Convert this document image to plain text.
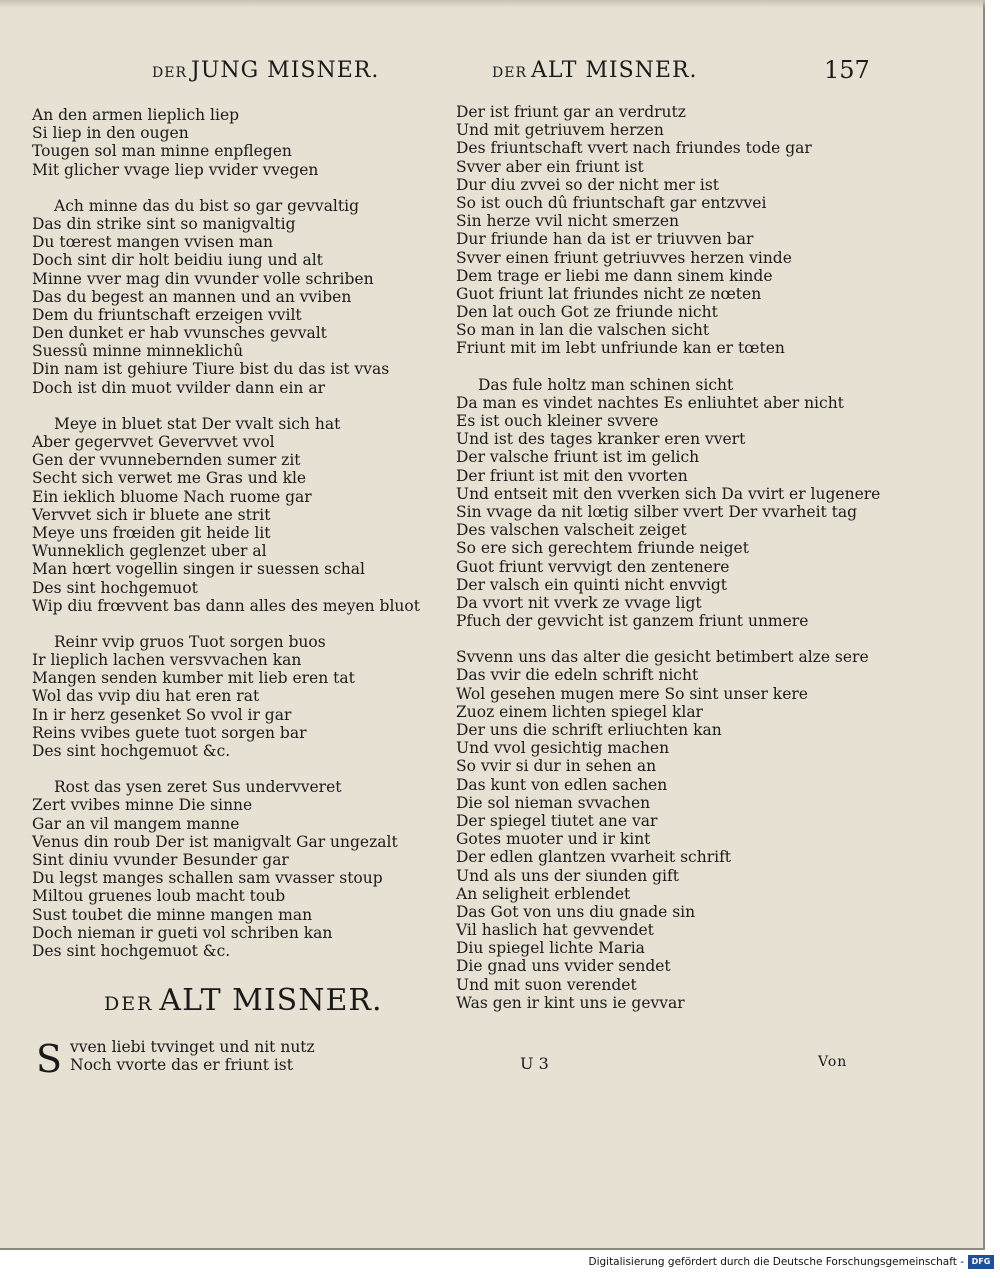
DER JUNG MISNER.	DER ALT MISNER.	157
An den armen lieplich liep
Si liep in den ougen
Tougen sol man minne enpflegen
Mit glicher vvage liep vvider vvegen
Ach minne das du bist so gar gevvaltig
Das din strike sint so manigvaltig
Du tœrest mangen vvisen man
Doch sint dir holt beidiu iung und alt
Minne vver mag din vvunder volle schriben
Das du begest an mannen und an vviben
Dem du friuntschaft erzeigen vvilt
Den dunket er hab vvunsches gevvalt
Suessû minne minneklichû
Din nam ist gehiure Tiure bist du das ist vvas
Doch ist din muot vvilder dann ein ar
Meye in bluet stat Der vvalt sich hat
Aber gegervvet Gevervvet vvol
Gen der vvunnebernden sumer zit
Secht sich verwet me Gras und kle
Ein ieklich bluome Nach ruome gar
Vervvet sich ir bluete ane strit
Meye uns frœiden git heide lit
Wunneklich geglenzet uber al
Man hœrt vogellin singen ir suessen schal
Des sint hochgemuot
Wip diu frœvvent bas dann alles des meyen bluot
Reinr vvip gruos Tuot sorgen buos
Ir lieplich lachen versvvachen kan
Mangen senden kumber mit lieb eren tat
Wol das vvip diu hat eren rat
In ir herz gesenket So vvol ir gar
Reins vvibes guete tuot sorgen bar
Des sint hochgemuot &c.
Rost das ysen zeret Sus undervveret
Zert vvibes minne Die sinne
Gar an vil mangem manne
Venus din roub Der ist manigvalt Gar ungezalt
Sint diniu vvunder Besunder gar
Du legst manges schallen sam vvasser stoup
Miltou gruenes loub macht toub
Sust toubet die minne mangen man
Doch nieman ir gueti vol schriben kan
Des sint hochgemuot &c.
Der ist friunt gar an verdrutz
Und mit getriuvem herzen
Des friuntschaft vvert nach friundes tode gar
Svver aber ein friunt ist
Dur diu zvvei so der nicht mer ist
So ist ouch dû friuntschaft gar entzvvei
Sin herze vvil nicht smerzen
Dur friunde han da ist er triuvven bar
Svver einen friunt getriuvves herzen vinde
Dem trage er liebi me dann sinem kinde
Guot friunt lat friundes nicht ze nœten
Den lat ouch Got ze friunde nicht
So man in lan die valschen sicht
Friunt mit im lebt unfriunde kan er tœten
Das fule holtz man schinen sicht
Da man es vindet nachtes Es enliuhtet aber nicht
Es ist ouch kleiner svvere
Und ist des tages kranker eren vvert
Der valsche friunt ist im gelich
Der friunt ist mit den vvorten
Und entseit mit den vverken sich Da vvirt er lugenere
Sin vvage da nit lœtig silber vvert Der vvarheit tag
Des valschen valscheit zeiget
So ere sich gerechtem friunde neiget
Guot friunt vervvigt den zentenere
Der valsch ein quinti nicht envvigt
Da vvort nit vverk ze vvage ligt
Pfuch der gevvicht ist ganzem friunt unmere
Svvenn uns das alter die gesicht betimbert alze sere
Das vvir die edeln schrift nicht
Wol gesehen mugen mere So sint unser kere
Zuoz einem lichten spiegel klar
Der uns die schrift erliuchten kan
Und vvol gesichtig machen
So vvir si dur in sehen an
Das kunt von edlen sachen
Die sol nieman svvachen
Der spiegel tiutet ane var
Gotes muoter und ir kint
Der edlen glantzen vvarheit schrift
Und als uns der siunden gift
An seligheit erblendet
Das Got von uns diu gnade sin
Vil haslich hat gevvendet
Diu spiegel lichte Maria
Die gnad uns vvider sendet
Und mit suon verendet
Was gen ir kint uns ie gevvar
DER ALT MISNER.
S vven liebi tvvinget und nit nutz
Noch vvorte das er friunt ist	U 3	Von
Digitalisierung gefördert durch die Deutsche Forschungsgemeinschaft - DFG
